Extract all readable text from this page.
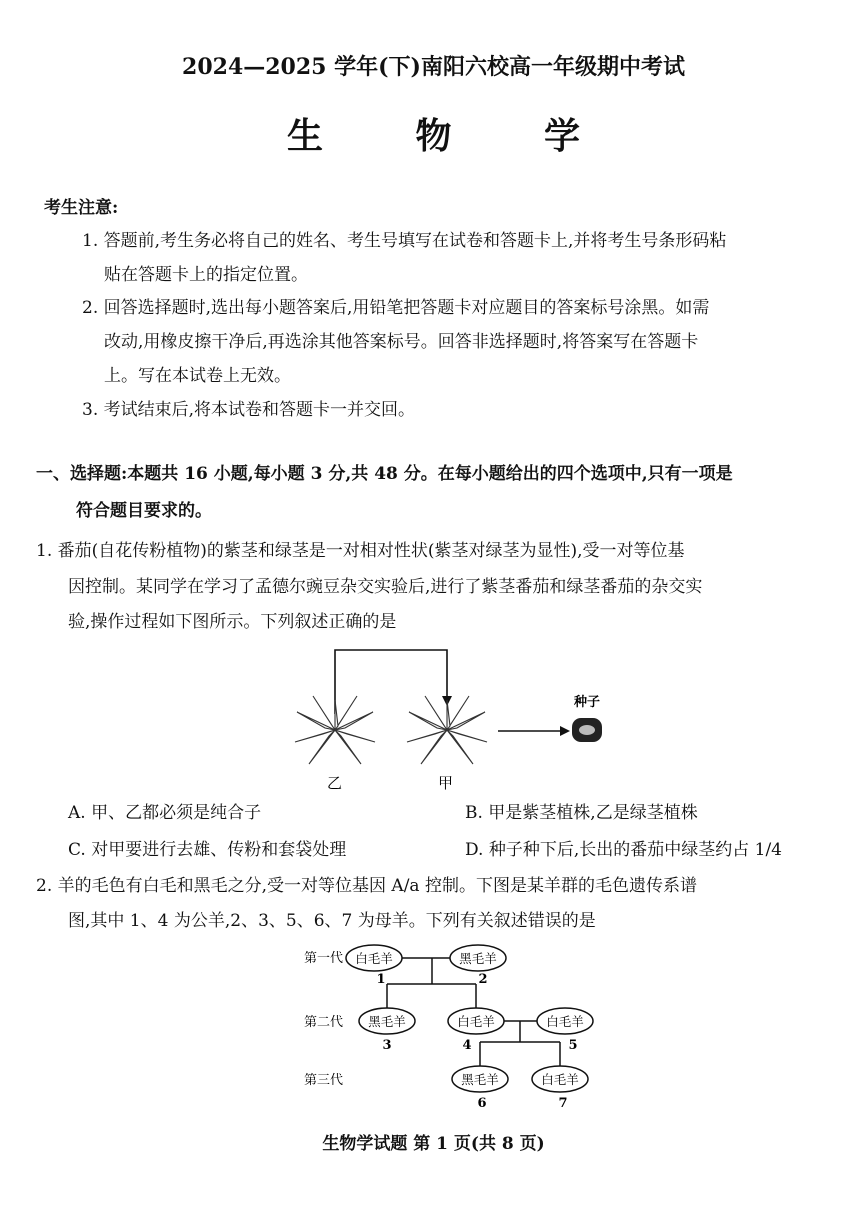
2024—2025 学年(下)南阳六校高一年级期中考试
生 物 学
考生注意:
1. 答题前,考生务必将自己的姓名、考生号填写在试卷和答题卡上,并将考生号条形码粘
贴在答题卡上的指定位置。
2. 回答选择题时,选出每小题答案后,用铅笔把答题卡对应题目的答案标号涂黑。如需
改动,用橡皮擦干净后,再选涂其他答案标号。回答非选择题时,将答案写在答题卡
上。写在本试卷上无效。
3. 考试结束后,将本试卷和答题卡一并交回。
一、选择题:本题共 16 小题,每小题 3 分,共 48 分。在每小题给出的四个选项中,只有一项是
符合题目要求的。
1. 番茄(自花传粉植物)的紫茎和绿茎是一对相对性状(紫茎对绿茎为显性),受一对等位基
因控制。某同学在学习了孟德尔豌豆杂交实验后,进行了紫茎番茄和绿茎番茄的杂交实
验,操作过程如下图所示。下列叙述正确的是
种子
乙	甲
A. 甲、乙都必须是纯合子	B. 甲是紫茎植株,乙是绿茎植株
C. 对甲要进行去雄、传粉和套袋处理	D. 种子种下后,长出的番茄中绿茎约占 1/4
2. 羊的毛色有白毛和黑毛之分,受一对等位基因 A/a 控制。下图是某羊群的毛色遗传系谱
图,其中 1、4 为公羊,2、3、5、6、7 为母羊。下列有关叙述错误的是
白毛羊	黑毛羊
黑毛羊	白毛羊	白毛羊
黑毛羊	白毛羊
1	2
3	4	5
6	7
第一代
第二代
第三代
生物学试题 第 1 页(共 8 页)
